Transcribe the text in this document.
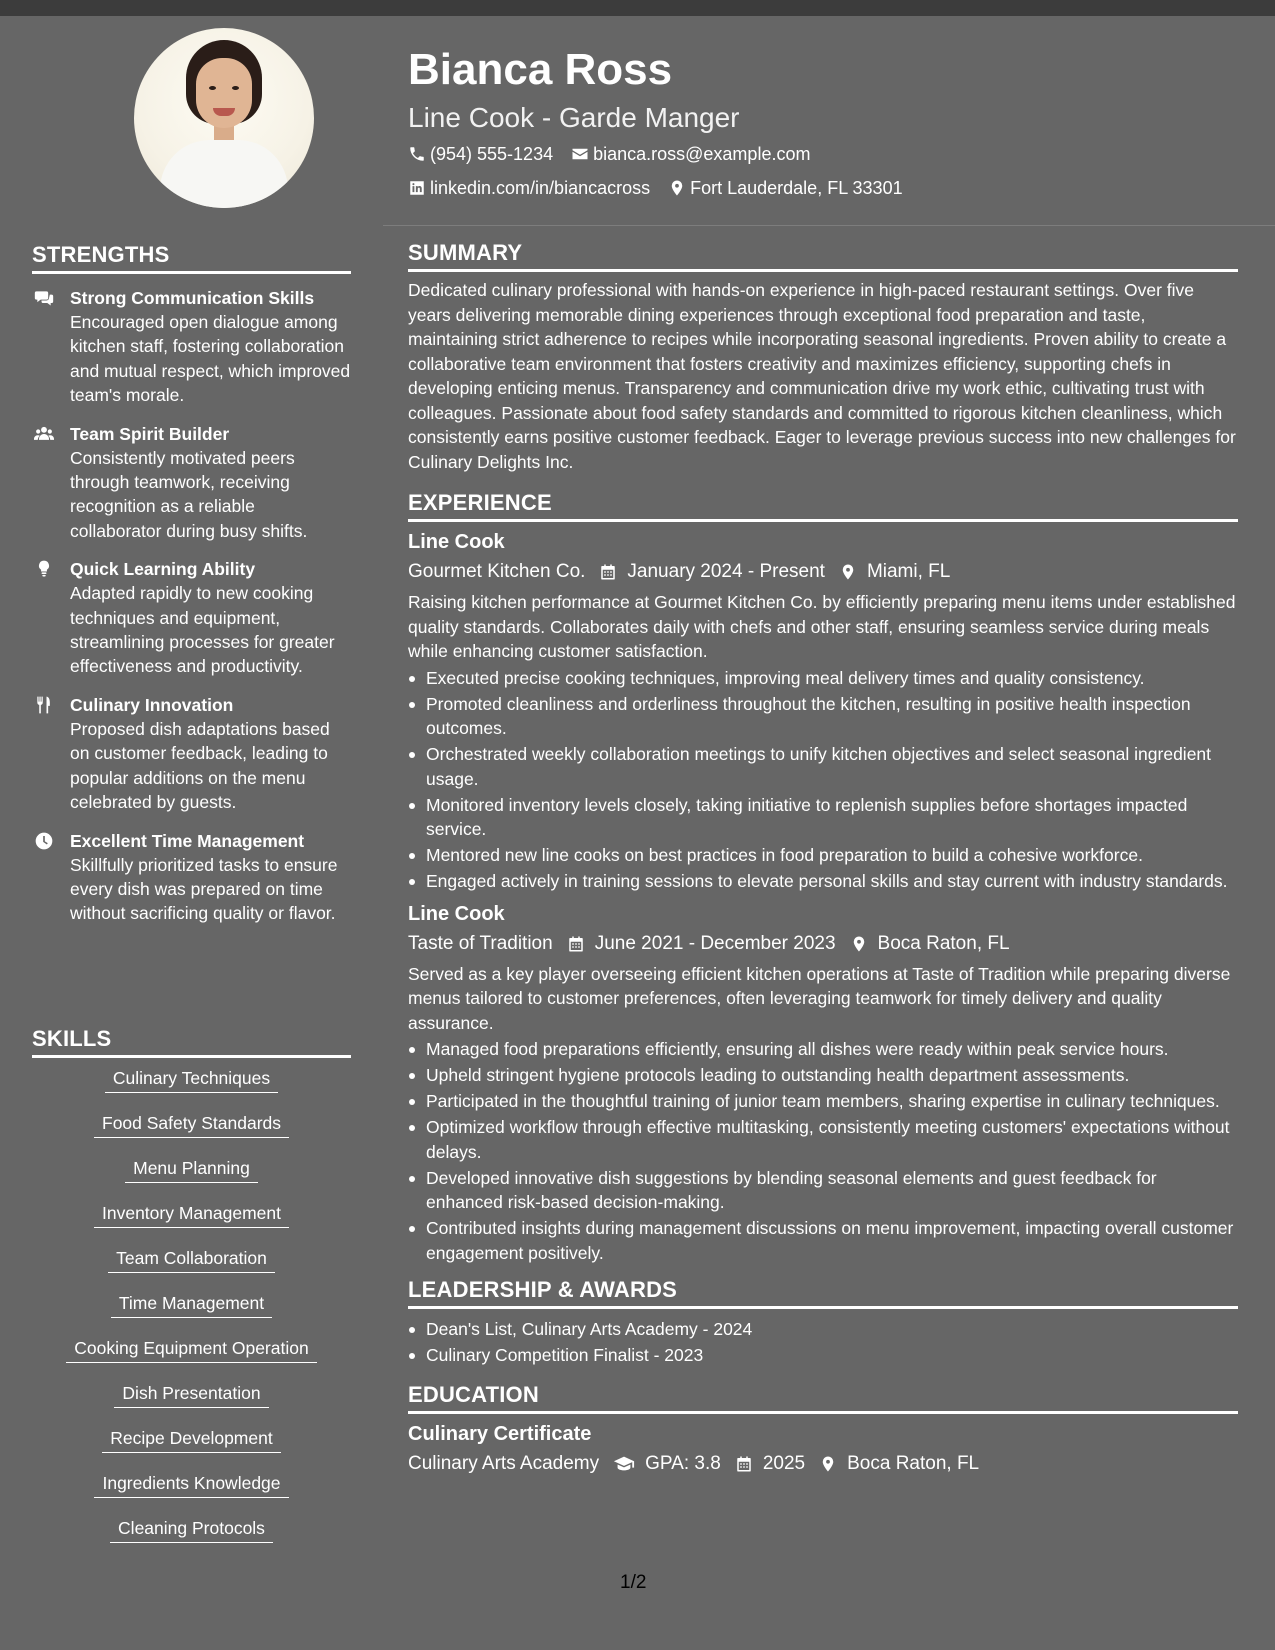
STRENGTHS
Strong Communication Skills
Encouraged open dialogue among kitchen staff, fostering collaboration and mutual respect, which improved team's morale.
Team Spirit Builder
Consistently motivated peers through teamwork, receiving recognition as a reliable collaborator during busy shifts.
Quick Learning Ability
Adapted rapidly to new cooking techniques and equipment, streamlining processes for greater effectiveness and productivity.
Culinary Innovation
Proposed dish adaptations based on customer feedback, leading to popular additions on the menu celebrated by guests.
Excellent Time Management
Skillfully prioritized tasks to ensure every dish was prepared on time without sacrificing quality or flavor.
SKILLS
Culinary Techniques
Food Safety Standards
Menu Planning
Inventory Management
Team Collaboration
Time Management
Cooking Equipment Operation
Dish Presentation
Recipe Development
Ingredients Knowledge
Cleaning Protocols
Bianca Ross
Line Cook - Garde Manger
(954) 555-1234 bianca.ross@example.com
linkedin.com/in/biancacross Fort Lauderdale, FL 33301
SUMMARY
Dedicated culinary professional with hands-on experience in high-paced restaurant settings. Over five years delivering memorable dining experiences through exceptional food preparation and taste, maintaining strict adherence to recipes while incorporating seasonal ingredients. Proven ability to create a collaborative team environment that fosters creativity and maximizes efficiency, supporting chefs in developing enticing menus. Transparency and communication drive my work ethic, cultivating trust with colleagues. Passionate about food safety standards and committed to rigorous kitchen cleanliness, which consistently earns positive customer feedback. Eager to leverage previous success into new challenges for Culinary Delights Inc.
EXPERIENCE
Line Cook
Gourmet Kitchen Co. January 2024 - Present Miami, FL
Raising kitchen performance at Gourmet Kitchen Co. by efficiently preparing menu items under established quality standards. Collaborates daily with chefs and other staff, ensuring seamless service during meals while enhancing customer satisfaction.
Executed precise cooking techniques, improving meal delivery times and quality consistency.
Promoted cleanliness and orderliness throughout the kitchen, resulting in positive health inspection outcomes.
Orchestrated weekly collaboration meetings to unify kitchen objectives and select seasonal ingredient usage.
Monitored inventory levels closely, taking initiative to replenish supplies before shortages impacted service.
Mentored new line cooks on best practices in food preparation to build a cohesive workforce.
Engaged actively in training sessions to elevate personal skills and stay current with industry standards.
Line Cook
Taste of Tradition June 2021 - December 2023 Boca Raton, FL
Served as a key player overseeing efficient kitchen operations at Taste of Tradition while preparing diverse menus tailored to customer preferences, often leveraging teamwork for timely delivery and quality assurance.
Managed food preparations efficiently, ensuring all dishes were ready within peak service hours.
Upheld stringent hygiene protocols leading to outstanding health department assessments.
Participated in the thoughtful training of junior team members, sharing expertise in culinary techniques.
Optimized workflow through effective multitasking, consistently meeting customers' expectations without delays.
Developed innovative dish suggestions by blending seasonal elements and guest feedback for enhanced risk-based decision-making.
Contributed insights during management discussions on menu improvement, impacting overall customer engagement positively.
LEADERSHIP & AWARDS
Dean's List, Culinary Arts Academy - 2024
Culinary Competition Finalist - 2023
EDUCATION
Culinary Certificate
Culinary Arts Academy GPA: 3.8 2025 Boca Raton, FL
1/2
